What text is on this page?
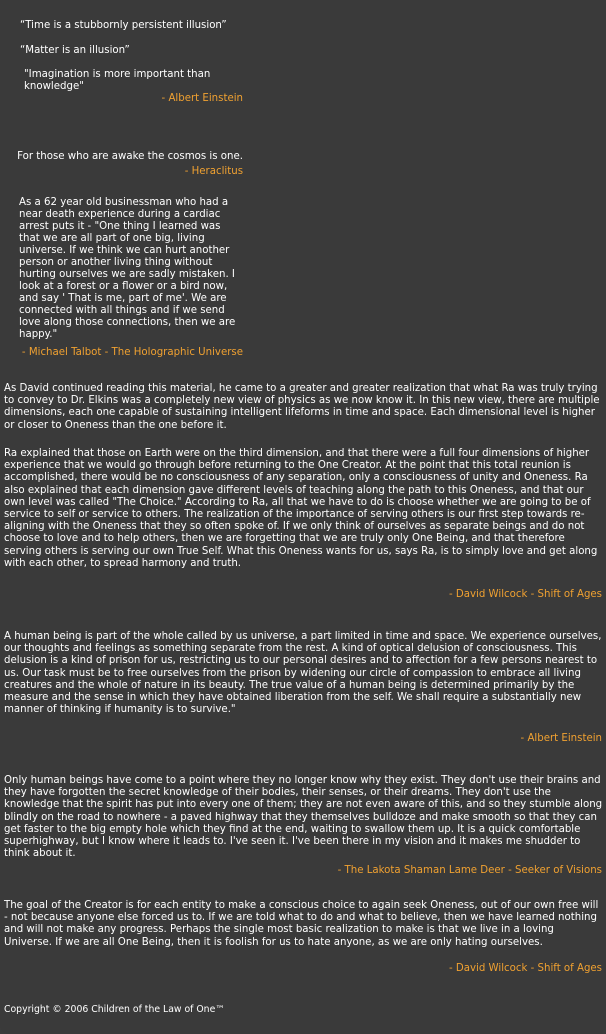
“Time is a stubbornly persistent illusion”
“Matter is an illusion”
"Imagination is more important than knowledge"
- Albert Einstein
For those who are awake the cosmos is one.
- Heraclitus
As a 62 year old businessman who had a near death experience during a cardiac arrest puts it - "One thing I learned was that we are all part of one big, living universe. If we think we can hurt another person or another living thing without hurting ourselves we are sadly mistaken. I look at a forest or a flower or a bird now, and say ' That is me, part of me'. We are connected with all things and if we send love along those connections, then we are happy."
- Michael Talbot - The Holographic Universe

As David continued reading this material, he came to a greater and greater realization that what Ra was truly trying to convey to Dr. Elkins was a completely new view of physics as we now know it. In this new view, there are multiple dimensions, each one capable of sustaining intelligent lifeforms in time and space. Each dimensional level is higher or closer to Oneness than the one before it.

Ra explained that those on Earth were on the third dimension, and that there were a full four dimensions of higher experience that we would go through before returning to the One Creator. At the point that this total reunion is accomplished, there would be no consciousness of any separation, only a consciousness of unity and Oneness. Ra also explained that each dimension gave different levels of teaching along the path to this Oneness, and that our own level was called "The Choice." According to Ra, all that we have to do is choose whether we are going to be of service to self or service to others. The realization of the importance of serving others is our first step towards re-aligning with the Oneness that they so often spoke of. If we only think of ourselves as separate beings and do not choose to love and to help others, then we are forgetting that we are truly only One Being, and that therefore serving others is serving our own True Self. What this Oneness wants for us, says Ra, is to simply love and get along with each other, to spread harmony and truth.

- David Wilcock - Shift of Ages

A human being is part of the whole called by us universe, a part limited in time and space. We experience ourselves, our thoughts and feelings as something separate from the rest. A kind of optical delusion of consciousness. This delusion is a kind of prison for us, restricting us to our personal desires and to affection for a few persons nearest to us. Our task must be to free ourselves from the prison by widening our circle of compassion to embrace all living creatures and the whole of nature in its beauty. The true value of a human being is determined primarily by the measure and the sense in which they have obtained liberation from the self. We shall require a substantially new manner of thinking if humanity is to survive."

- Albert Einstein

Only human beings have come to a point where they no longer know why they exist. They don't use their brains and they have forgotten the secret knowledge of their bodies, their senses, or their dreams. They don't use the knowledge that the spirit has put into every one of them; they are not even aware of this, and so they stumble along blindly on the road to nowhere - a paved highway that they themselves bulldoze and make smooth so that they can get faster to the big empty hole which they find at the end, waiting to swallow them up. It is a quick comfortable superhighway, but I know where it leads to. I've seen it. I've been there in my vision and it makes me shudder to think about it.

- The Lakota Shaman Lame Deer - Seeker of Visions

The goal of the Creator is for each entity to make a conscious choice to again seek Oneness, out of our own free will - not because anyone else forced us to. If we are told what to do and what to believe, then we have learned nothing and will not make any progress. Perhaps the single most basic realization to make is that we live in a loving Universe. If we are all One Being, then it is foolish for us to hate anyone, as we are only hating ourselves.

- David Wilcock - Shift of Ages
Copyright © 2006 Children of the Law of One™
